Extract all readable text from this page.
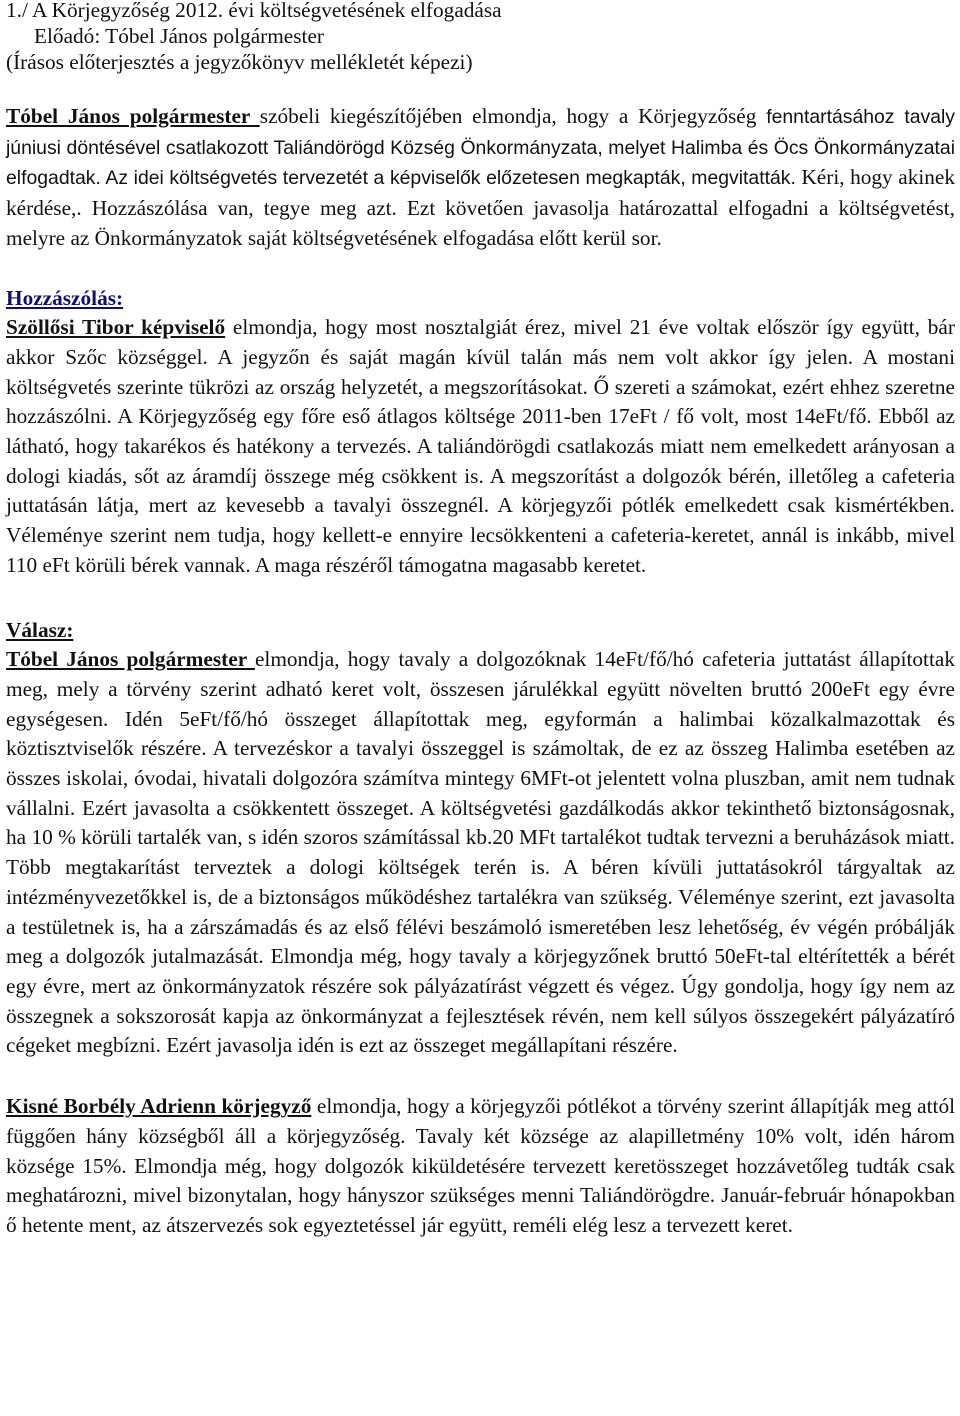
1./ A Körjegyzőség 2012. évi költségvetésének elfogadása
Előadó: Tóbel János polgármester
(Írásos előterjesztés a jegyzőkönyv mellékletét képezi)

Tóbel János polgármester szóbeli kiegészítőjében elmondja, hogy a Körjegyzőség fenntartásához tavaly júniusi döntésével csatlakozott Taliándörögd Község Önkormányzata, melyet Halimba és Öcs Önkormányzatai elfogadtak. Az idei költségvetés tervezetét a képviselők előzetesen megkapták, megvitatták. Kéri, hogy akinek kérdése,. Hozzászólása van, tegye meg azt. Ezt követően javasolja határozattal elfogadni a költségvetést, melyre az Önkormányzatok saját költségvetésének elfogadása előtt kerül sor.

Hozzászólás:

Szöllősi Tibor képviselő elmondja, hogy most nosztalgiát érez, mivel 21 éve voltak először így együtt, bár akkor Szőc községgel. A jegyzőn és saját magán kívül talán más nem volt akkor így jelen. A mostani költségvetés szerinte tükrözi az ország helyzetét, a megszorításokat. Ő szereti a számokat, ezért ehhez szeretne hozzászólni. A Körjegyzőség egy főre eső átlagos költsége 2011-ben 17eFt / fő volt, most 14eFt/fő. Ebből az látható, hogy takarékos és hatékony a tervezés. A taliándörögdi csatlakozás miatt nem emelkedett arányosan a dologi kiadás, sőt az áramdíj összege még csökkent is. A megszorítást a dolgozók bérén, illetőleg a cafeteria juttatásán látja, mert az kevesebb a tavalyi összegnél. A körjegyzői pótlék emelkedett csak kismértékben. Véleménye szerint nem tudja, hogy kellett-e ennyire lecsökkenteni a cafeteria-keretet, annál is inkább, mivel 110 eFt körüli bérek vannak. A maga részéről támogatna magasabb keretet.

Válasz:

Tóbel János polgármester elmondja, hogy tavaly a dolgozóknak 14eFt/fő/hó cafeteria juttatást állapítottak meg, mely a törvény szerint adható keret volt, összesen járulékkal együtt növelten bruttó 200eFt egy évre egységesen. Idén 5eFt/fő/hó összeget állapítottak meg, egyformán a halimbai közalkalmazottak és köztisztviselők részére. A tervezéskor a tavalyi összeggel is számoltak, de ez az összeg Halimba esetében az összes iskolai, óvodai, hivatali dolgozóra számítva mintegy 6MFt-ot jelentett volna pluszban, amit nem tudnak vállalni. Ezért javasolta a csökkentett összeget. A költségvetési gazdálkodás akkor tekinthető biztonságosnak, ha 10 % körüli tartalék van, s idén szoros számítással kb.20 MFt tartalékot tudtak tervezni a beruházások miatt. Több megtakarítást terveztek a dologi költségek terén is. A béren kívüli juttatásokról tárgyaltak az intézményvezetőkkel is, de a biztonságos működéshez tartalékra van szükség. Véleménye szerint, ezt javasolta a testületnek is, ha a zárszámadás és az első félévi beszámoló ismeretében lesz lehetőség, év végén próbálják meg a dolgozók jutalmazását. Elmondja még, hogy tavaly a körjegyzőnek bruttó 50eFt-tal eltérítették a bérét egy évre, mert az önkormányzatok részére sok pályázatírást végzett és végez. Úgy gondolja, hogy így nem az összegnek a sokszorosát kapja az önkormányzat a fejlesztések révén, nem kell súlyos összegekért pályázatíró cégeket megbízni. Ezért javasolja idén is ezt az összeget megállapítani részére.

Kisné Borbély Adrienn körjegyző elmondja, hogy a körjegyzői pótlékot a törvény szerint állapítják meg attól függően hány községből áll a körjegyzőség. Tavaly két községe az alapilletmény 10% volt, idén három községe 15%. Elmondja még, hogy dolgozók kiküldetésére tervezett keretösszeget hozzávetőleg tudták csak meghatározni, mivel bizonytalan, hogy hányszor szükséges menni Taliándörögdre. Január-február hónapokban ő hetente ment, az átszervezés sok egyeztetéssel jár együtt, reméli elég lesz a tervezett keret.
